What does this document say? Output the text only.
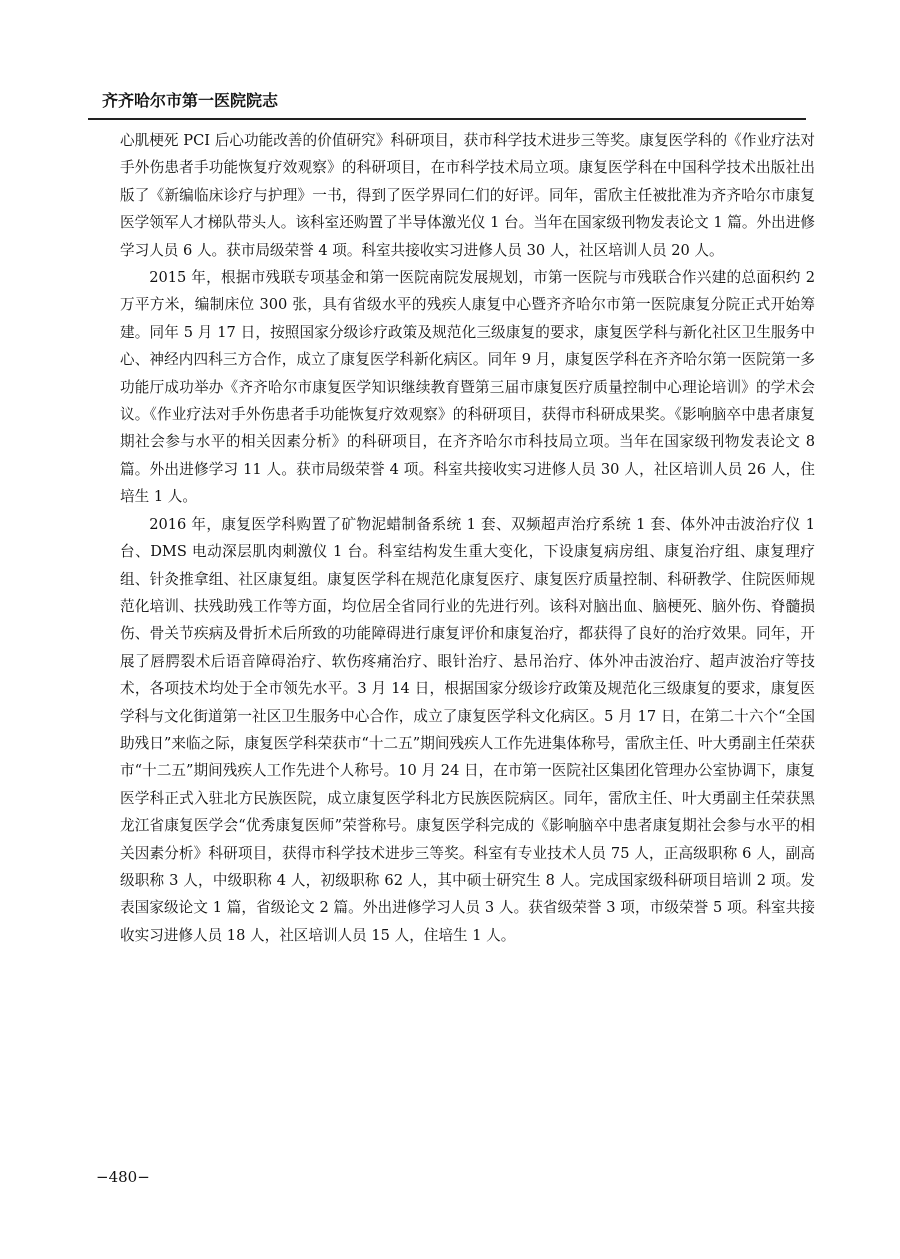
齐齐哈尔市第一医院院志

心肌梗死 PCI 后心功能改善的价值研究》科研项目，获市科学技术进步三等奖。康复医学科的《作业疗法对手外伤患者手功能恢复疗效观察》的科研项目，在市科学技术局立项。康复医学科在中国科学技术出版社出版了《新编临床诊疗与护理》一书，得到了医学界同仁们的好评。同年，雷欣主任被批准为齐齐哈尔市康复医学领军人才梯队带头人。该科室还购置了半导体激光仪 1 台。当年在国家级刊物发表论文 1 篇。外出进修学习人员 6 人。获市局级荣誉 4 项。科室共接收实习进修人员 30 人，社区培训人员 20 人。

2015 年，根据市残联专项基金和第一医院南院发展规划，市第一医院与市残联合作兴建的总面积约 2 万平方米，编制床位 300 张，具有省级水平的残疾人康复中心暨齐齐哈尔市第一医院康复分院正式开始筹建。同年 5 月 17 日，按照国家分级诊疗政策及规范化三级康复的要求，康复医学科与新化社区卫生服务中心、神经内四科三方合作，成立了康复医学科新化病区。同年 9 月，康复医学科在齐齐哈尔第一医院第一多功能厅成功举办《齐齐哈尔市康复医学知识继续教育暨第三届市康复医疗质量控制中心理论培训》的学术会议。《作业疗法对手外伤患者手功能恢复疗效观察》的科研项目，获得市科研成果奖。《影响脑卒中患者康复期社会参与水平的相关因素分析》的科研项目，在齐齐哈尔市科技局立项。当年在国家级刊物发表论文 8 篇。外出进修学习 11 人。获市局级荣誉 4 项。科室共接收实习进修人员 30 人，社区培训人员 26 人，住培生 1 人。

2016 年，康复医学科购置了矿物泥蜡制备系统 1 套、双频超声治疗系统 1 套、体外冲击波治疗仪 1 台、DMS 电动深层肌肉刺激仪 1 台。科室结构发生重大变化，下设康复病房组、康复治疗组、康复理疗组、针灸推拿组、社区康复组。康复医学科在规范化康复医疗、康复医疗质量控制、科研教学、住院医师规范化培训、扶残助残工作等方面，均位居全省同行业的先进行列。该科对脑出血、脑梗死、脑外伤、脊髓损伤、骨关节疾病及骨折术后所致的功能障碍进行康复评价和康复治疗，都获得了良好的治疗效果。同年，开展了唇腭裂术后语音障碍治疗、软伤疼痛治疗、眼针治疗、悬吊治疗、体外冲击波治疗、超声波治疗等技术，各项技术均处于全市领先水平。3 月 14 日，根据国家分级诊疗政策及规范化三级康复的要求，康复医学科与文化街道第一社区卫生服务中心合作，成立了康复医学科文化病区。5 月 17 日，在第二十六个“全国助残日”来临之际，康复医学科荣获市“十二五”期间残疾人工作先进集体称号，雷欣主任、叶大勇副主任荣获市“十二五”期间残疾人工作先进个人称号。10 月 24 日，在市第一医院社区集团化管理办公室协调下，康复医学科正式入驻北方民族医院，成立康复医学科北方民族医院病区。同年，雷欣主任、叶大勇副主任荣获黑龙江省康复医学会“优秀康复医师”荣誉称号。康复医学科完成的《影响脑卒中患者康复期社会参与水平的相关因素分析》科研项目，获得市科学技术进步三等奖。科室有专业技术人员 75 人，正高级职称 6 人，副高级职称 3 人，中级职称 4 人，初级职称 62 人，其中硕士研究生 8 人。完成国家级科研项目培训 2 项。发表国家级论文 1 篇，省级论文 2 篇。外出进修学习人员 3 人。获省级荣誉 3 项，市级荣誉 5 项。科室共接收实习进修人员 18 人，社区培训人员 15 人，住培生 1 人。

−480−
